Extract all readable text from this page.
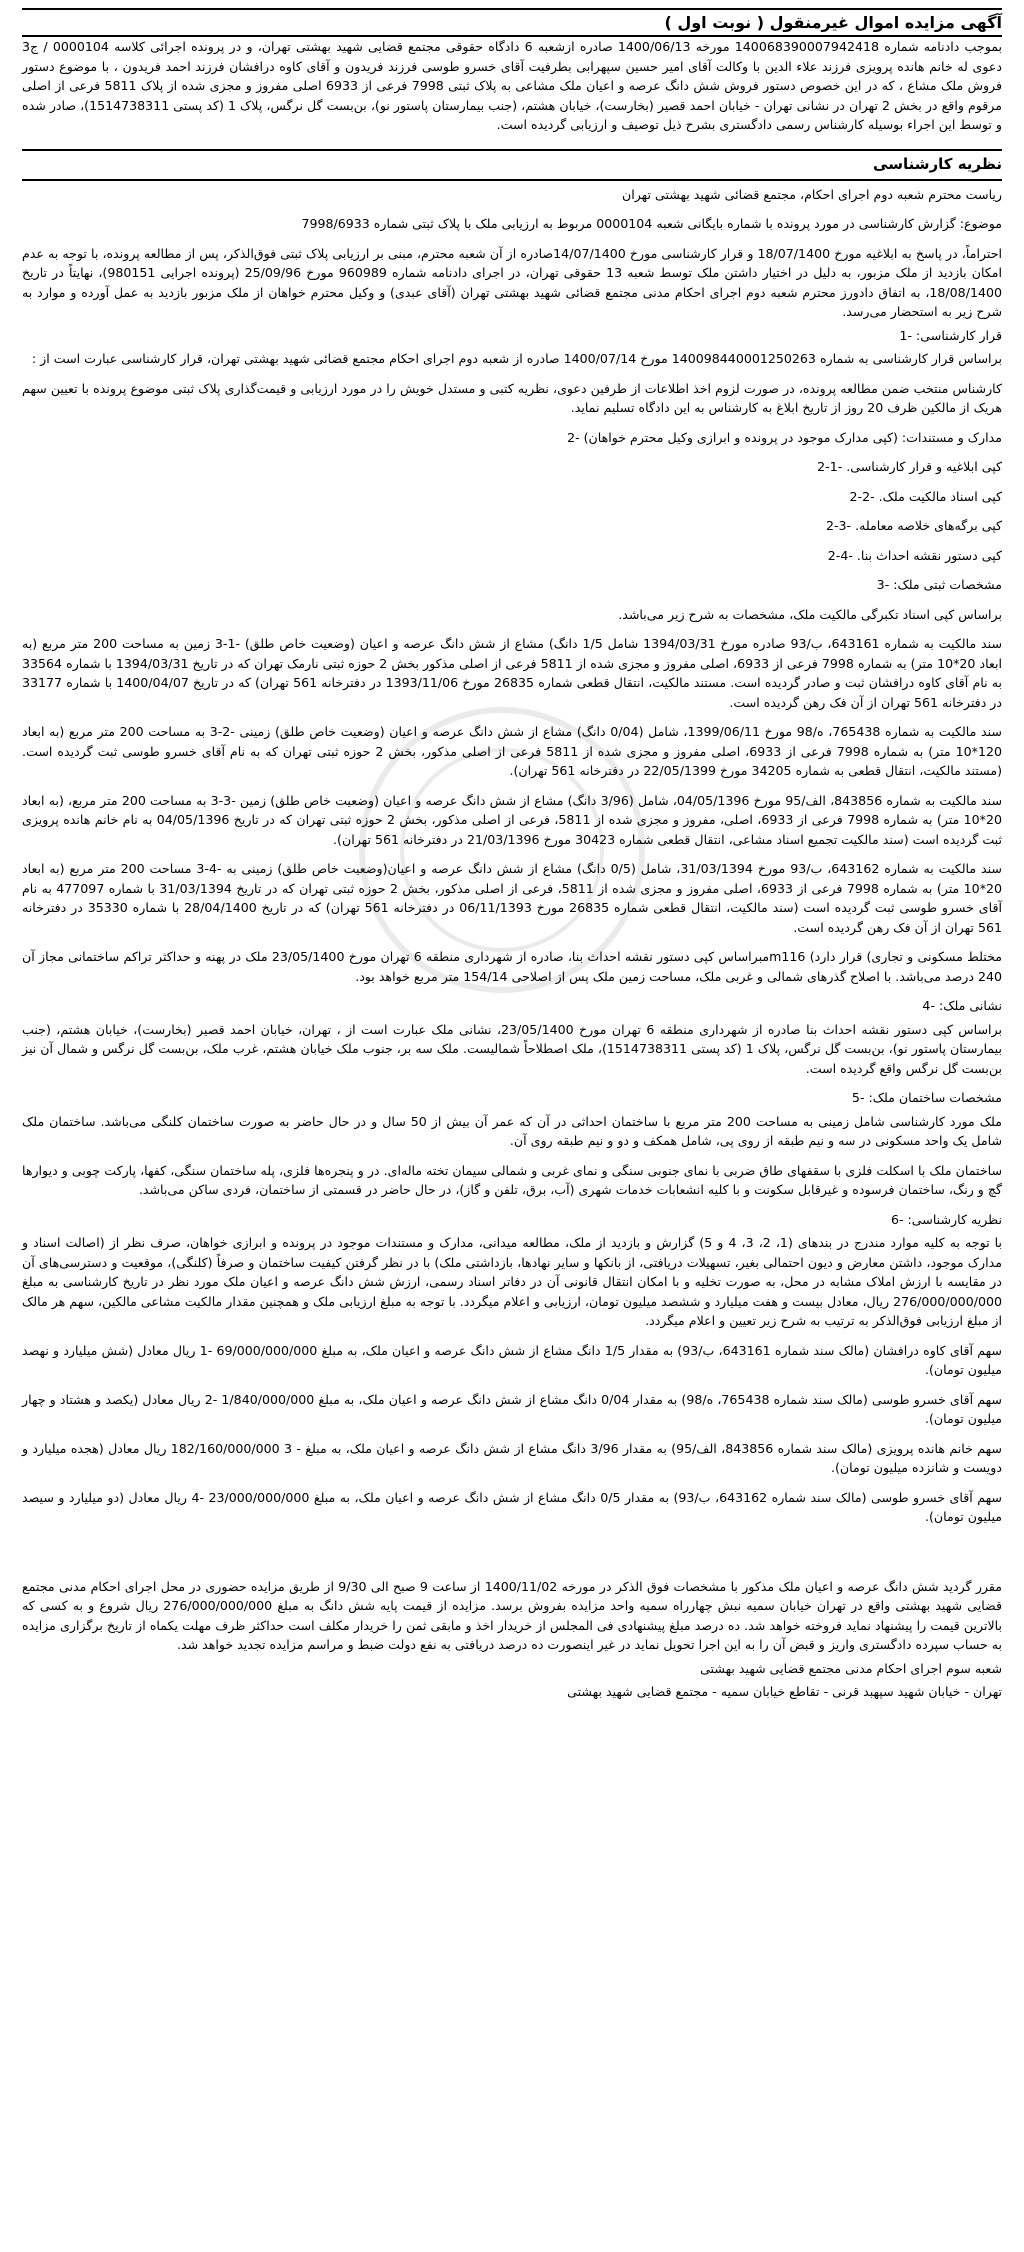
آگهی مزایده اموال غیرمنقول ( نوبت اول )

بموجب دادنامه شماره 14006839000794241‌8 مورخه 1400/06/13 صادره ازشعبه 6 دادگاه حقوقی مجتمع قضایی شهید بهشتی تهران، و در پرونده اجرائی کلاسه 0000104 / ج3 دعوی له خانم هانده پرویزی فرزند علاء الدین با وکالت آقای امیر حسین سپهرابی بطرفیت آقای خسرو طوسی فرزند فریدون و آقای کاوه درافشان فرزند احمد فریدون ، با موضوع دستور فروش ملک مشاع ، که در این خصوص دستور فروش شش دانگ عرصه و اعیان ملک مشاعی به پلاک ثبتی 7998 فرعی از 6933 اصلی مفروز و مجزی شده از پلاک 5811 فرعی از اصلی مرقوم واقع در بخش 2 تهران در نشانی تهران - خیابان احمد قصیر (بخارست)، خیابان هشتم، (جنب بیمارستان پاستور نو)، بن‌بست گل نرگس، پلاک 1 (کد پستی 1514738311)، صادر شده و توسط این اجراء بوسیله کارشناس رسمی دادگستری بشرح ذیل توصیف و ارزیابی گردیده است.

نظریه کارشناسی

ریاست محترم شعبه دوم اجرای احکام، مجتمع قضائی شهید بهشتی تهران

موضوع: گزارش کارشناسی در مورد پرونده با شماره بایگانی شعبه 0000104 مربوط به ارزیابی ملک با پلاک ثبتی شماره 7998/6933

احتراماً، در پاسخ به ابلاغیه مورخ 18/07/1400 و قرار کارشناسی مورخ 14/07/1400صادره از آن شعبه محترم، مبنی بر ارزیابی پلاک ثبتی فوق‌الذکر، پس از مطالعه پرونده، با توجه به عدم امکان بازدید از ملک مزبور، به دلیل در اختیار داشتن ملک توسط شعبه 13 حقوقی تهران، در اجرای دادنامه شماره 960989 مورخ 25/09/96 (پرونده اجرایی 980151)، نهایتاً در تاریخ 18/08/1400، به اتفاق دادورز محترم شعبه دوم اجرای احکام مدنی مجتمع قضائی شهید بهشتی تهران (آقای عبدی) و وکیل محترم خواهان از ملک مزبور بازدید به عمل آورده و موارد به شرح زیر به استحضار می‌رسد.

قرار کارشناسی: -1

براساس قرار کارشناسی به شماره 140098440001250263 مورخ 1400/07/14 صادره از شعبه دوم اجرای احکام مجتمع قضائی شهید بهشتی تهران، قرار کارشناسی عبارت است از :

کارشناس منتخب ضمن مطالعه پرونده، در صورت لزوم اخذ اطلاعات از طرفین دعوی، نظریه کتبی و مستدل خویش را در مورد ارزیابی و قیمت‌گذاری پلاک ثبتی موضوع پرونده با تعیین سهم هریک از مالکین ظرف 20 روز از تاریخ ابلاغ به کارشناس به این دادگاه تسلیم نماید.

مدارک و مستندات: (کپی مدارک موجود در پرونده و ابرازی وکیل محترم خواهان) -2

کپی ابلاغیه و قرار کارشناسی. -1-2

کپی اسناد مالکیت ملک. -2-2

کپی برگه‌های خلاصه معامله. -3-2

کپی دستور نقشه احداث بنا. -4-2

مشخصات ثبتی ملک: -3

براساس کپی اسناد تکبرگی مالکیت ملک، مشخصات به شرح زیر می‌باشد.

سند مالکیت به شماره 643161، ب/93 صادره مورخ 1394/03/31 شامل 1/5 دانگ) مشاع از شش دانگ عرصه و اعیان (وضعیت خاص طلق) -1-3 زمین به مساحت 200 متر مربع (به ابعاد 20*10 متر) به شماره 7998 فرعی از 6933، اصلی مفروز و مجزی شده از 5811 فرعی از اصلی مذکور بخش 2 حوزه ثبتی نارمک تهران که در تاریخ 1394/03/31 با شماره 33564 به نام آقای کاوه درافشان ثبت و صادر گردیده است. مستند مالکیت، انتقال قطعی شماره 26835 مورخ 1393/11/06 در دفترخانه 561 تهران) که در تاریخ 1400/04/07 با شماره 33177 در دفترخانه 561 تهران از آن فک رهن گردیده است.

سند مالکیت به شماره 765438، ه/98 مورخ 1399/06/11، شامل (0/04 دانگ) مشاع از شش دانگ عرصه و اعیان (وضعیت خاص طلق) زمینی -2-3 به مساحت 200 متر مربع (به ابعاد 120*10 متر) به شماره 7998 فرعی از 6933، اصلی مفروز و مجزی شده از 5811 فرعی از اصلی مذکور، بخش 2 حوزه ثبتی تهران که به نام آقای خسرو طوسی ثبت گردیده است. (مستند مالکیت، انتقال قطعی به شماره 34205 مورخ 22/05/1399 در دفترخانه 561 تهران).

سند مالکیت به شماره 843856، الف/95 مورخ 04/05/1396، شامل (3/96 دانگ) مشاع از شش دانگ عرصه و اعیان (وضعیت خاص طلق) زمین -3-3 به مساحت 200 متر مربع، (به ابعاد 20*10 متر) به شماره 7998 فرعی از 6933، اصلی، مفروز و مجزی شده از 5811، فرعی از اصلی مذکور، بخش 2 حوزه ثبتی تهران که در تاریخ 04/05/1396 به نام خانم هانده پرویزی ثبت گردیده است (سند مالکیت تجمیع اسناد مشاعی، انتقال قطعی شماره 30423 مورخ 21/03/1396 در دفترخانه 561 تهران).

سند مالکیت به شماره 643162، ب/93 مورخ 31/03/1394، شامل (0/5 دانگ) مشاع از شش دانگ عرصه و اعیان(وضعیت خاص طلق) زمینی به -4-3 مساحت 200 متر مربع (به ابعاد 20*10 متر) به شماره 7998 فرعی از 6933، اصلی مفروز و مجزی شده از 5811، فرعی از اصلی مذکور، بخش 2 حوزه ثبتی تهران که در تاریخ 31/03/1394 با شماره 477097 به نام آقای خسرو طوسی ثبت گردیده است (سند مالکیت، انتقال قطعی شماره 26835 مورخ 06/11/1393 در دفترخانه 561 تهران) که در تاریخ 28/04/1400 با شماره 35330 در دفترخانه 561 تهران از آن فک رهن گردیده است.

مختلط مسکونی و تجاری) قرار دارد) m116مبراساس کپی دستور نقشه احداث بنا، صادره از شهرداری منطقه 6 تهران مورخ 23/05/1400 ملک در پهنه و حداکثر تراکم ساختمانی مجاز آن 240 درصد می‌باشد. با اصلاح گذرهای شمالی و غربی ملک، مساحت زمین ملک پس از اصلاحی 154/14 متر مربع خواهد بود.

نشانی ملک: -4

براساس کپی دستور نقشه احداث بنا صادره از شهرداری منطقه 6 تهران مورخ 23/05/1400، نشانی ملک عبارت است از ، تهران، خیابان احمد قصیر (بخارست)، خیابان هشتم، (جنب بیمارستان پاستور نو)، بن‌بست گل نرگس، پلاک 1 (کد پستی 1514738311)، ملک اصطلاحاً شمالیست. ملک سه بر، جنوب ملک خیابان هشتم، غرب ملک، بن‌بست گل نرگس و شمال آن نیز بن‌بست گل نرگس واقع گردیده است.

مشخصات ساختمان ملک: -5

ملک مورد کارشناسی شامل زمینی به مساحت 200 متر مربع با ساختمان احداثی در آن که عمر آن بیش از 50 سال و در حال حاضر به صورت ساختمان کلنگی می‌باشد. ساختمان ملک شامل یک واحد مسکونی در سه و نیم طبقه از روی پی، شامل همکف و دو و نیم طبقه روی آن.

ساختمان ملک با اسکلت فلزی با سقفهای طاق ضربی با نمای جنوبی سنگی و نمای غربی و شمالی سیمان تخته ماله‌ای. در و پنجره‌ها فلزی، پله ساختمان سنگی، کفها، پارکت چوبی و دیوارها گچ و رنگ، ساختمان فرسوده و غیرقابل سکونت و با کلیه انشعابات خدمات شهری (آب، برق، تلفن و گاز)، در حال حاضر در قسمتی از ساختمان، فردی ساکن می‌باشد.

نظریه کارشناسی: -6

با توجه به کلیه موارد مندرج در بندهای (1، 2، 3، 4 و 5) گزارش و بازدید از ملک، مطالعه میدانی، مدارک و مستندات موجود در پرونده و ابرازی خواهان، صرف نظر از (اصالت اسناد و مدارک موجود، داشتن معارض و دیون احتمالی بغیر، تسهیلات دریافتی، از بانکها و سایر نهادها، بازداشتی ملک) با در نظر گرفتن کیفیت ساختمان و صرفاً (کلنگی)، موقعیت و دسترسی‌های آن در مقایسه با ارزش املاک مشابه در محل، به صورت تخلیه و با امکان انتقال قانونی آن در دفاتر اسناد رسمی، ارزش شش دانگ عرصه و اعیان ملک مورد نظر در تاریخ کارشناسی به مبلغ 276/000/000/000 ریال، معادل بیست و هفت میلیارد و ششصد میلیون تومان، ارزیابی و اعلام میگردد. با توجه به مبلغ ارزیابی ملک و همچنین مقدار مالکیت مشاعی مالکین، سهم هر مالک از مبلغ ارزیابی فوق‌الذکر به ترتیب به شرح زیر تعیین و اعلام میگردد.

سهم آقای کاوه درافشان (مالک سند شماره 643161، ب/93) به مقدار 1/5 دانگ مشاع از شش دانگ عرصه و اعیان ملک، به مبلغ 69/000/000/000 -1 ریال معادل (شش میلیارد و نهصد میلیون تومان).

سهم آقای خسرو طوسی (مالک سند شماره 765438، ه/98) به مقدار 0/04 دانگ مشاع از شش دانگ عرصه و اعیان ملک، به مبلغ 1/840/000/000 -2 ریال معادل (یکصد و هشتاد و چهار میلیون تومان).

سهم خانم هانده پرویزی (مالک سند شماره 843856، الف/95) به مقدار 3/96 دانگ مشاع از شش دانگ عرصه و اعیان ملک، به مبلغ - 3 182/160/000/000 ریال معادل (هجده میلیارد و دویست و شانزده میلیون تومان).

سهم آقای خسرو طوسی (مالک سند شماره 643162، ب/93) به مقدار 0/5 دانگ مشاع از شش دانگ عرصه و اعیان ملک، به مبلغ 23/000/000/000 -4 ریال معادل (دو میلیارد و سیصد میلیون تومان).

مقرر گردید شش دانگ عرصه و اعیان ملک مذکور با مشخصات فوق الذکر در مورخه 1400/11/02 از ساعت 9 صبح الی 9/30 از طریق مزایده حضوری در محل اجرای احکام مدنی مجتمع قضایی شهید بهشتی واقع در تهران خیابان سمیه نبش چهارراه سمیه واحد مزایده بفروش برسد. مزایده از قیمت پایه شش دانگ به مبلغ 276/000/000/000 ریال شروع و به کسی که بالاترین قیمت را پیشنهاد نماید فروخته خواهد شد. ده درصد مبلغ پیشنهادی فی المجلس از خریدار اخذ و مابقی ثمن را خریدار مکلف است حداکثر ظرف مهلت یکماه از تاریخ برگزاری مزایده به حساب سپرده دادگستری واریز و قبض آن را به این اجرا تحویل نماید در غیر اینصورت ده درصد دریافتی به نفع دولت ضبط و مراسم مزایده تجدید خواهد شد.

شعبه سوم اجرای احکام مدنی مجتمع قضایی شهید بهشتی

تهران - خیابان شهید سپهبد قرنی - تقاطع خیابان سمیه - مجتمع قضایی شهید بهشتی
